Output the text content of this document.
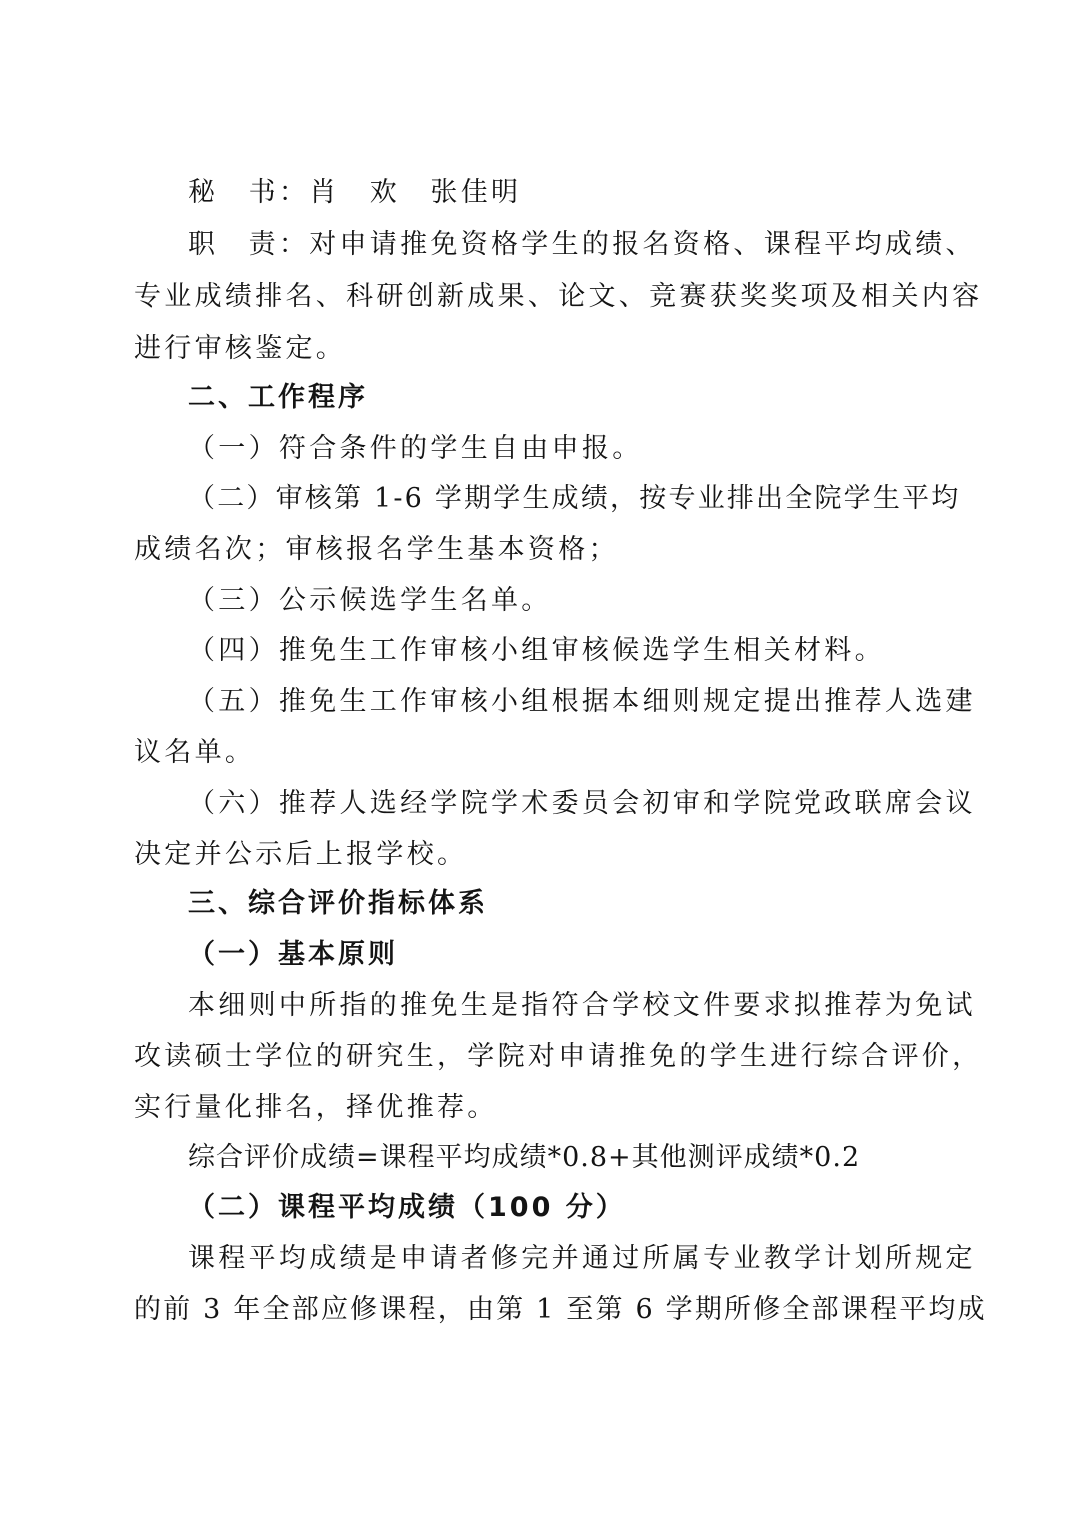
秘　书：肖　欢　张佳明
职　责：对申请推免资格学生的报名资格、课程平均成绩、
专业成绩排名、科研创新成果、论文、竞赛获奖奖项及相关内容
进行审核鉴定。
二、工作程序
（一）符合条件的学生自由申报。
（二）审核第 1-6 学期学生成绩，按专业排出全院学生平均
成绩名次；审核报名学生基本资格；
（三）公示候选学生名单。
（四）推免生工作审核小组审核候选学生相关材料。
（五）推免生工作审核小组根据本细则规定提出推荐人选建
议名单。
（六）推荐人选经学院学术委员会初审和学院党政联席会议
决定并公示后上报学校。
三、综合评价指标体系
（一）基本原则
本细则中所指的推免生是指符合学校文件要求拟推荐为免试
攻读硕士学位的研究生，学院对申请推免的学生进行综合评价，
实行量化排名，择优推荐。
综合评价成绩=课程平均成绩*0.8+其他测评成绩*0.2
（二）课程平均成绩（100 分）
课程平均成绩是申请者修完并通过所属专业教学计划所规定
的前 3 年全部应修课程，由第 1 至第 6 学期所修全部课程平均成
